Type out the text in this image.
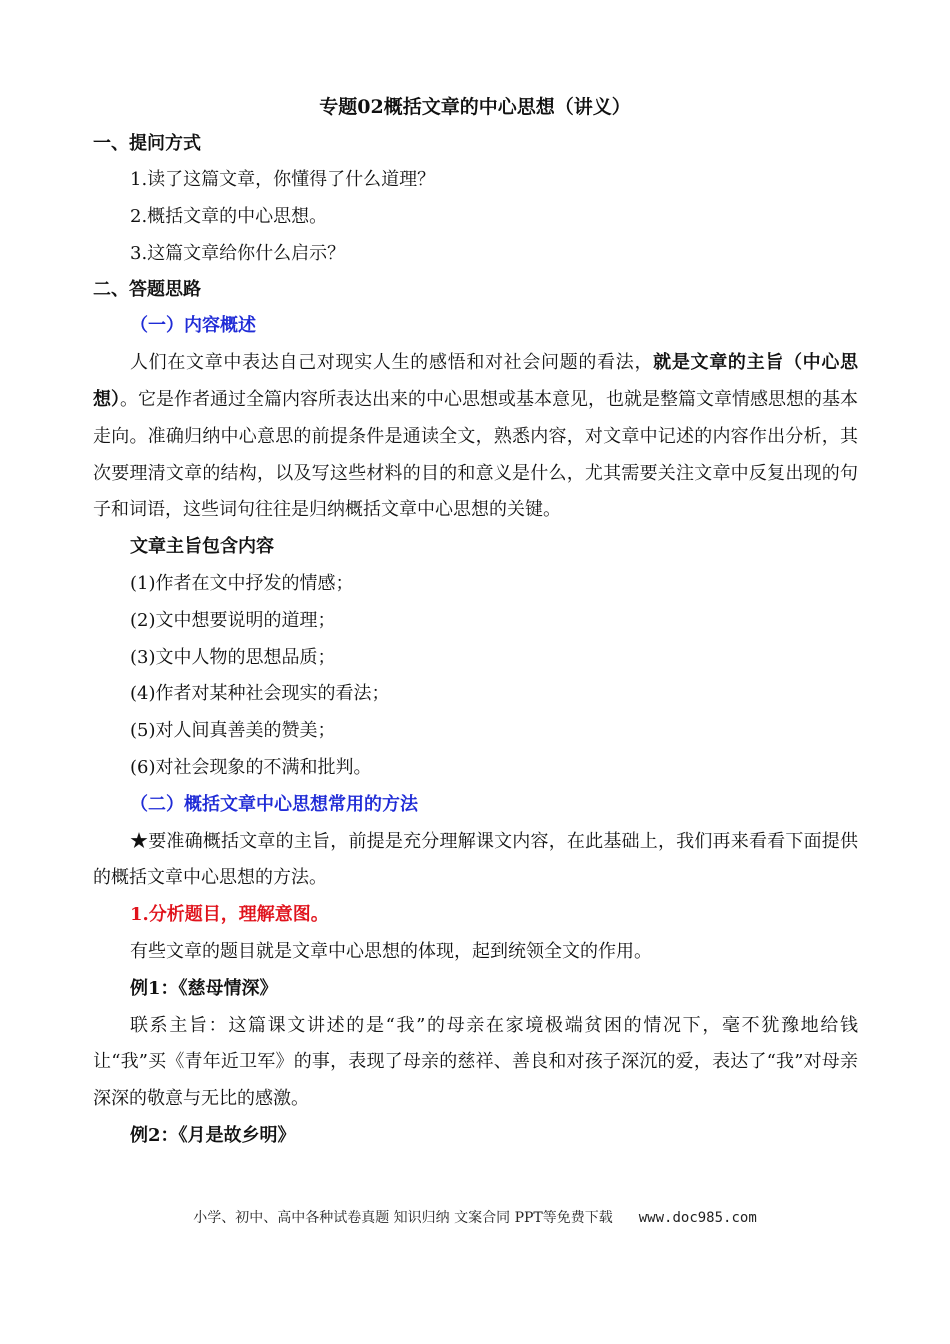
专题02概括文章的中心思想（讲义）

一、提问方式

1.读了这篇文章，你懂得了什么道理？

2.概括文章的中心思想。

3.这篇文章给你什么启示？

二、答题思路

（一）内容概述

人们在文章中表达自己对现实人生的感悟和对社会问题的看法，就是文章的主旨（中心思想）。它是作者通过全篇内容所表达出来的中心思想或基本意见，也就是整篇文章情感思想的基本走向。准确归纳中心意思的前提条件是通读全文，熟悉内容，对文章中记述的内容作出分析，其次要理清文章的结构，以及写这些材料的目的和意义是什么，尤其需要关注文章中反复出现的句子和词语，这些词句往往是归纳概括文章中心思想的关键。

文章主旨包含内容

(1)作者在文中抒发的情感；

(2)文中想要说明的道理；

(3)文中人物的思想品质；

(4)作者对某种社会现实的看法；

(5)对人间真善美的赞美；

(6)对社会现象的不满和批判。

（二）概括文章中心思想常用的方法

★要准确概括文章的主旨，前提是充分理解课文内容，在此基础上，我们再来看看下面提供的概括文章中心思想的方法。

1.分析题目，理解意图。

有些文章的题目就是文章中心思想的体现，起到统领全文的作用。

例1：《慈母情深》

联系主旨：这篇课文讲述的是“我”的母亲在家境极端贫困的情况下，毫不犹豫地给钱让“我”买《青年近卫军》的事，表现了母亲的慈祥、善良和对孩子深沉的爱，表达了“我”对母亲深深的敬意与无比的感激。

例2：《月是故乡明》

小学、初中、高中各种试卷真题 知识归纳 文案合同 PPT等免费下载 www.doc985.com
